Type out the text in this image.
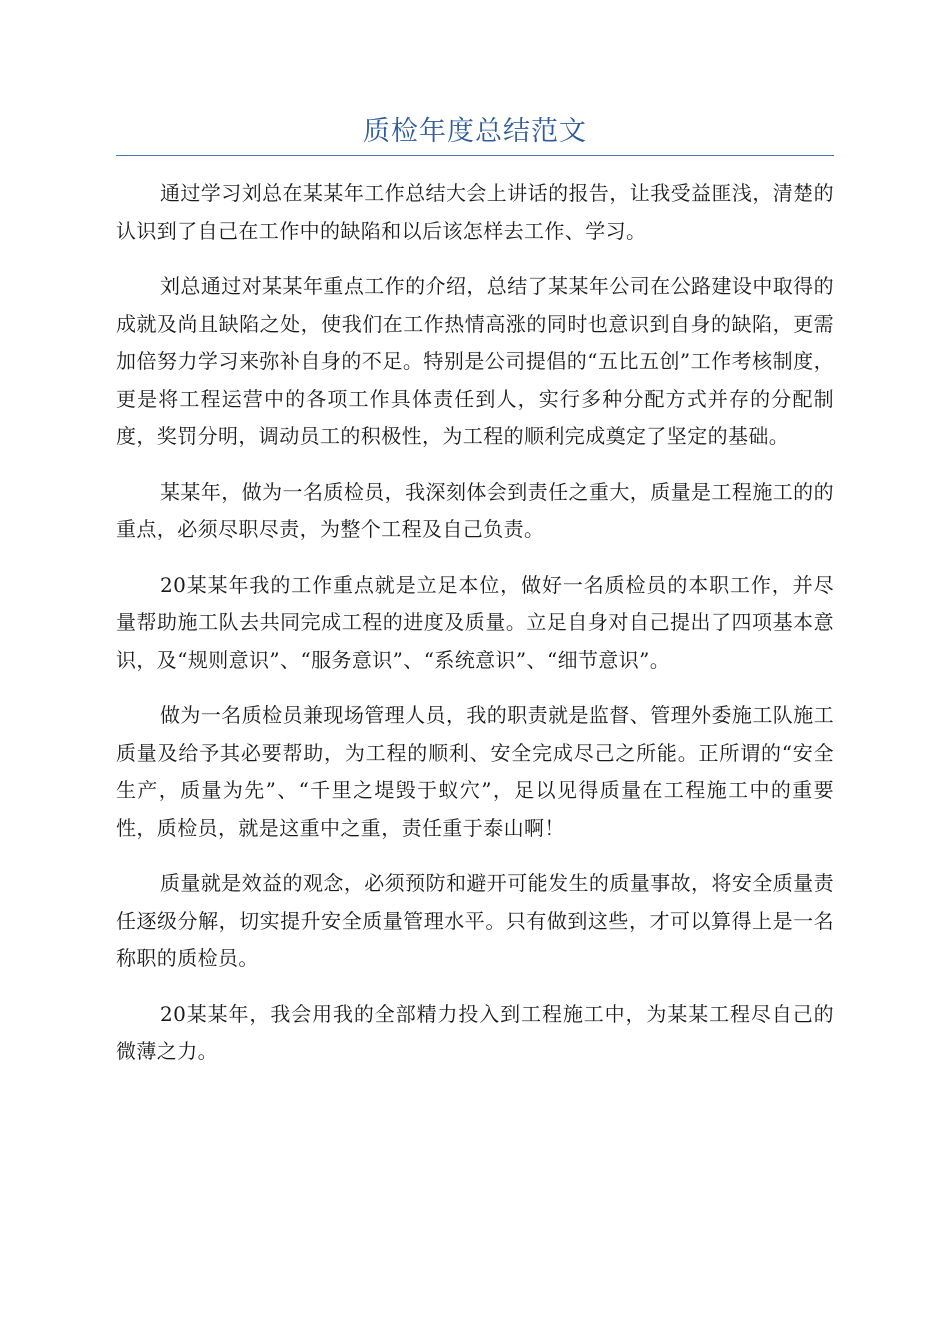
质检年度总结范文

通过学习刘总在某某年工作总结大会上讲话的报告，让我受益匪浅，清楚的认识到了自己在工作中的缺陷和以后该怎样去工作、学习。

刘总通过对某某年重点工作的介绍，总结了某某年公司在公路建设中取得的成就及尚且缺陷之处，使我们在工作热情高涨的同时也意识到自身的缺陷，更需加倍努力学习来弥补自身的不足。特别是公司提倡的“五比五创”工作考核制度，更是将工程运营中的各项工作具体责任到人，实行多种分配方式并存的分配制度，奖罚分明，调动员工的积极性，为工程的顺利完成奠定了坚定的基础。

某某年，做为一名质检员，我深刻体会到责任之重大，质量是工程施工的的重点，必须尽职尽责，为整个工程及自己负责。

20某某年我的工作重点就是立足本位，做好一名质检员的本职工作，并尽量帮助施工队去共同完成工程的进度及质量。立足自身对自己提出了四项基本意识，及“规则意识”、“服务意识”、“系统意识”、“细节意识”。

做为一名质检员兼现场管理人员，我的职责就是监督、管理外委施工队施工质量及给予其必要帮助，为工程的顺利、安全完成尽己之所能。正所谓的“安全生产，质量为先”、“千里之堤毁于蚁穴”，足以见得质量在工程施工中的重要性，质检员，就是这重中之重，责任重于泰山啊！

质量就是效益的观念，必须预防和避开可能发生的质量事故，将安全质量责任逐级分解，切实提升安全质量管理水平。只有做到这些，才可以算得上是一名称职的质检员。

20某某年，我会用我的全部精力投入到工程施工中，为某某工程尽自己的微薄之力。
